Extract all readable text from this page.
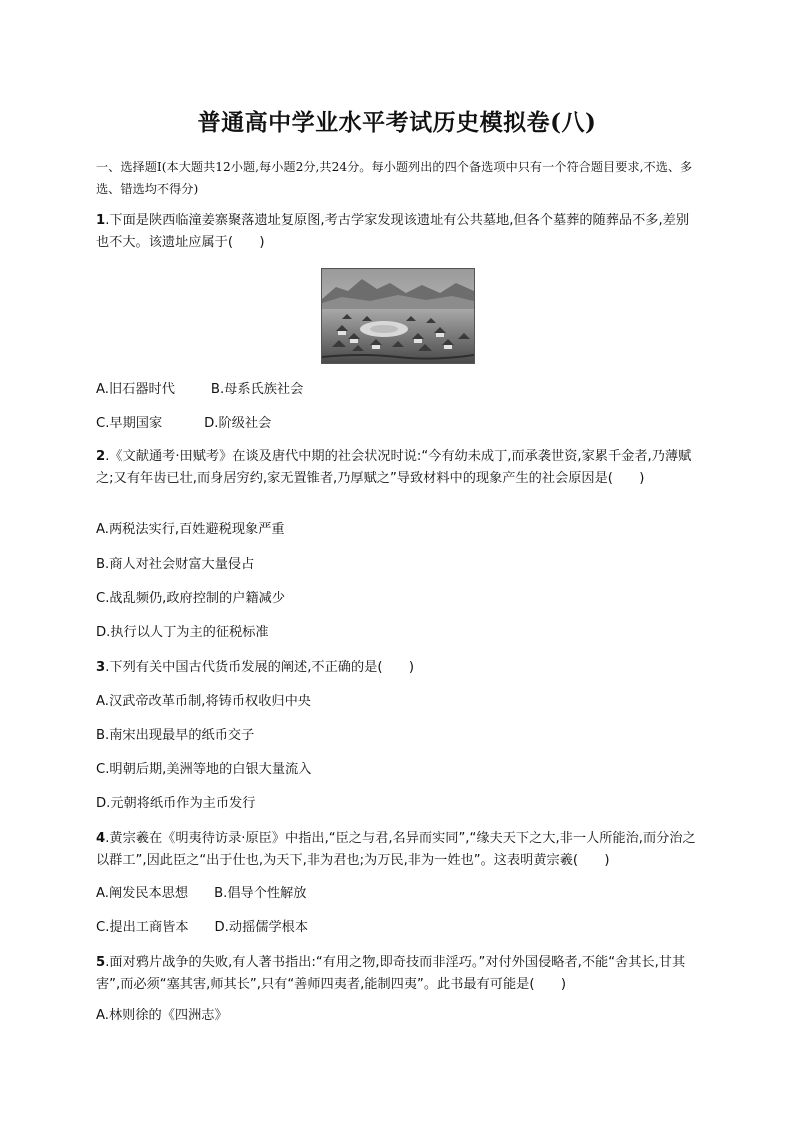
普通高中学业水平考试历史模拟卷(八)
一、选择题Ⅰ(本大题共12小题,每小题2分,共24分。每小题列出的四个备选项中只有一个符合题目要求,不选、多选、错选均不得分)

1.下面是陕西临潼姜寨聚落遗址复原图,考古学家发现该遗址有公共墓地,但各个墓葬的随葬品不多,差别也不大。该遗址应属于(　　)

A.旧石器时代	B.母系氏族社会
C.早期国家	D.阶级社会

2.《文献通考·田赋考》在谈及唐代中期的社会状况时说:“今有幼未成丁,而承袭世资,家累千金者,乃薄赋之;又有年齿已壮,而身居穷约,家无置锥者,乃厚赋之”导致材料中的现象产生的社会原因是(　　)

A.两税法实行,百姓避税现象严重
B.商人对社会财富大量侵占
C.战乱频仍,政府控制的户籍减少
D.执行以人丁为主的征税标准

3.下列有关中国古代货币发展的阐述,不正确的是(　　)

A.汉武帝改革币制,将铸币权收归中央
B.南宋出现最早的纸币交子
C.明朝后期,美洲等地的白银大量流入
D.元朝将纸币作为主币发行

4.黄宗羲在《明夷待访录·原臣》中指出,“臣之与君,名异而实同”,“缘夫天下之大,非一人所能治,而分治之以群工”,因此臣之“出于仕也,为天下,非为君也;为万民,非为一姓也”。这表明黄宗羲(　　)

A.阐发民本思想 B.倡导个性解放
C.提出工商皆本 D.动摇儒学根本

5.面对鸦片战争的失败,有人著书指出:“有用之物,即奇技而非淫巧。”对付外国侵略者,不能“舍其长,甘其害”,而必须“塞其害,师其长”,只有“善师四夷者,能制四夷”。此书最有可能是(　　)

A.林则徐的《四洲志》
